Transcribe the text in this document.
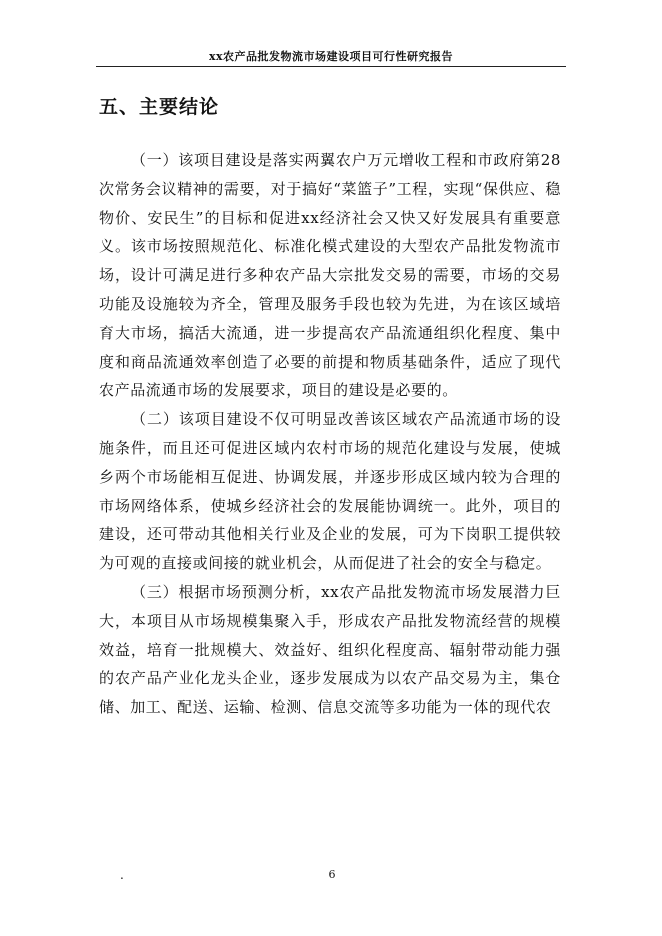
xx农产品批发物流市场建设项目可行性研究报告
五、主要结论

（一）该项目建设是落实两翼农户万元增收工程和市政府第28次常务会议精神的需要，对于搞好“菜篮子”工程，实现“保供应、稳物价、安民生”的目标和促进xx经济社会又快又好发展具有重要意义。该市场按照规范化、标准化模式建设的大型农产品批发物流市场，设计可满足进行多种农产品大宗批发交易的需要，市场的交易功能及设施较为齐全，管理及服务手段也较为先进，为在该区域培育大市场，搞活大流通，进一步提高农产品流通组织化程度、集中度和商品流通效率创造了必要的前提和物质基础条件，适应了现代农产品流通市场的发展要求，项目的建设是必要的。

（二）该项目建设不仅可明显改善该区域农产品流通市场的设施条件，而且还可促进区域内农村市场的规范化建设与发展，使城乡两个市场能相互促进、协调发展，并逐步形成区域内较为合理的市场网络体系，使城乡经济社会的发展能协调统一。此外，项目的建设，还可带动其他相关行业及企业的发展，可为下岗职工提供较为可观的直接或间接的就业机会，从而促进了社会的安全与稳定。

（三）根据市场预测分析，xx农产品批发物流市场发展潜力巨大，本项目从市场规模集聚入手，形成农产品批发物流经营的规模效益，培育一批规模大、效益好、组织化程度高、辐射带动能力强的农产品产业化龙头企业，逐步发展成为以农产品交易为主，集仓储、加工、配送、运输、检测、信息交流等多功能为一体的现代农

.	6
